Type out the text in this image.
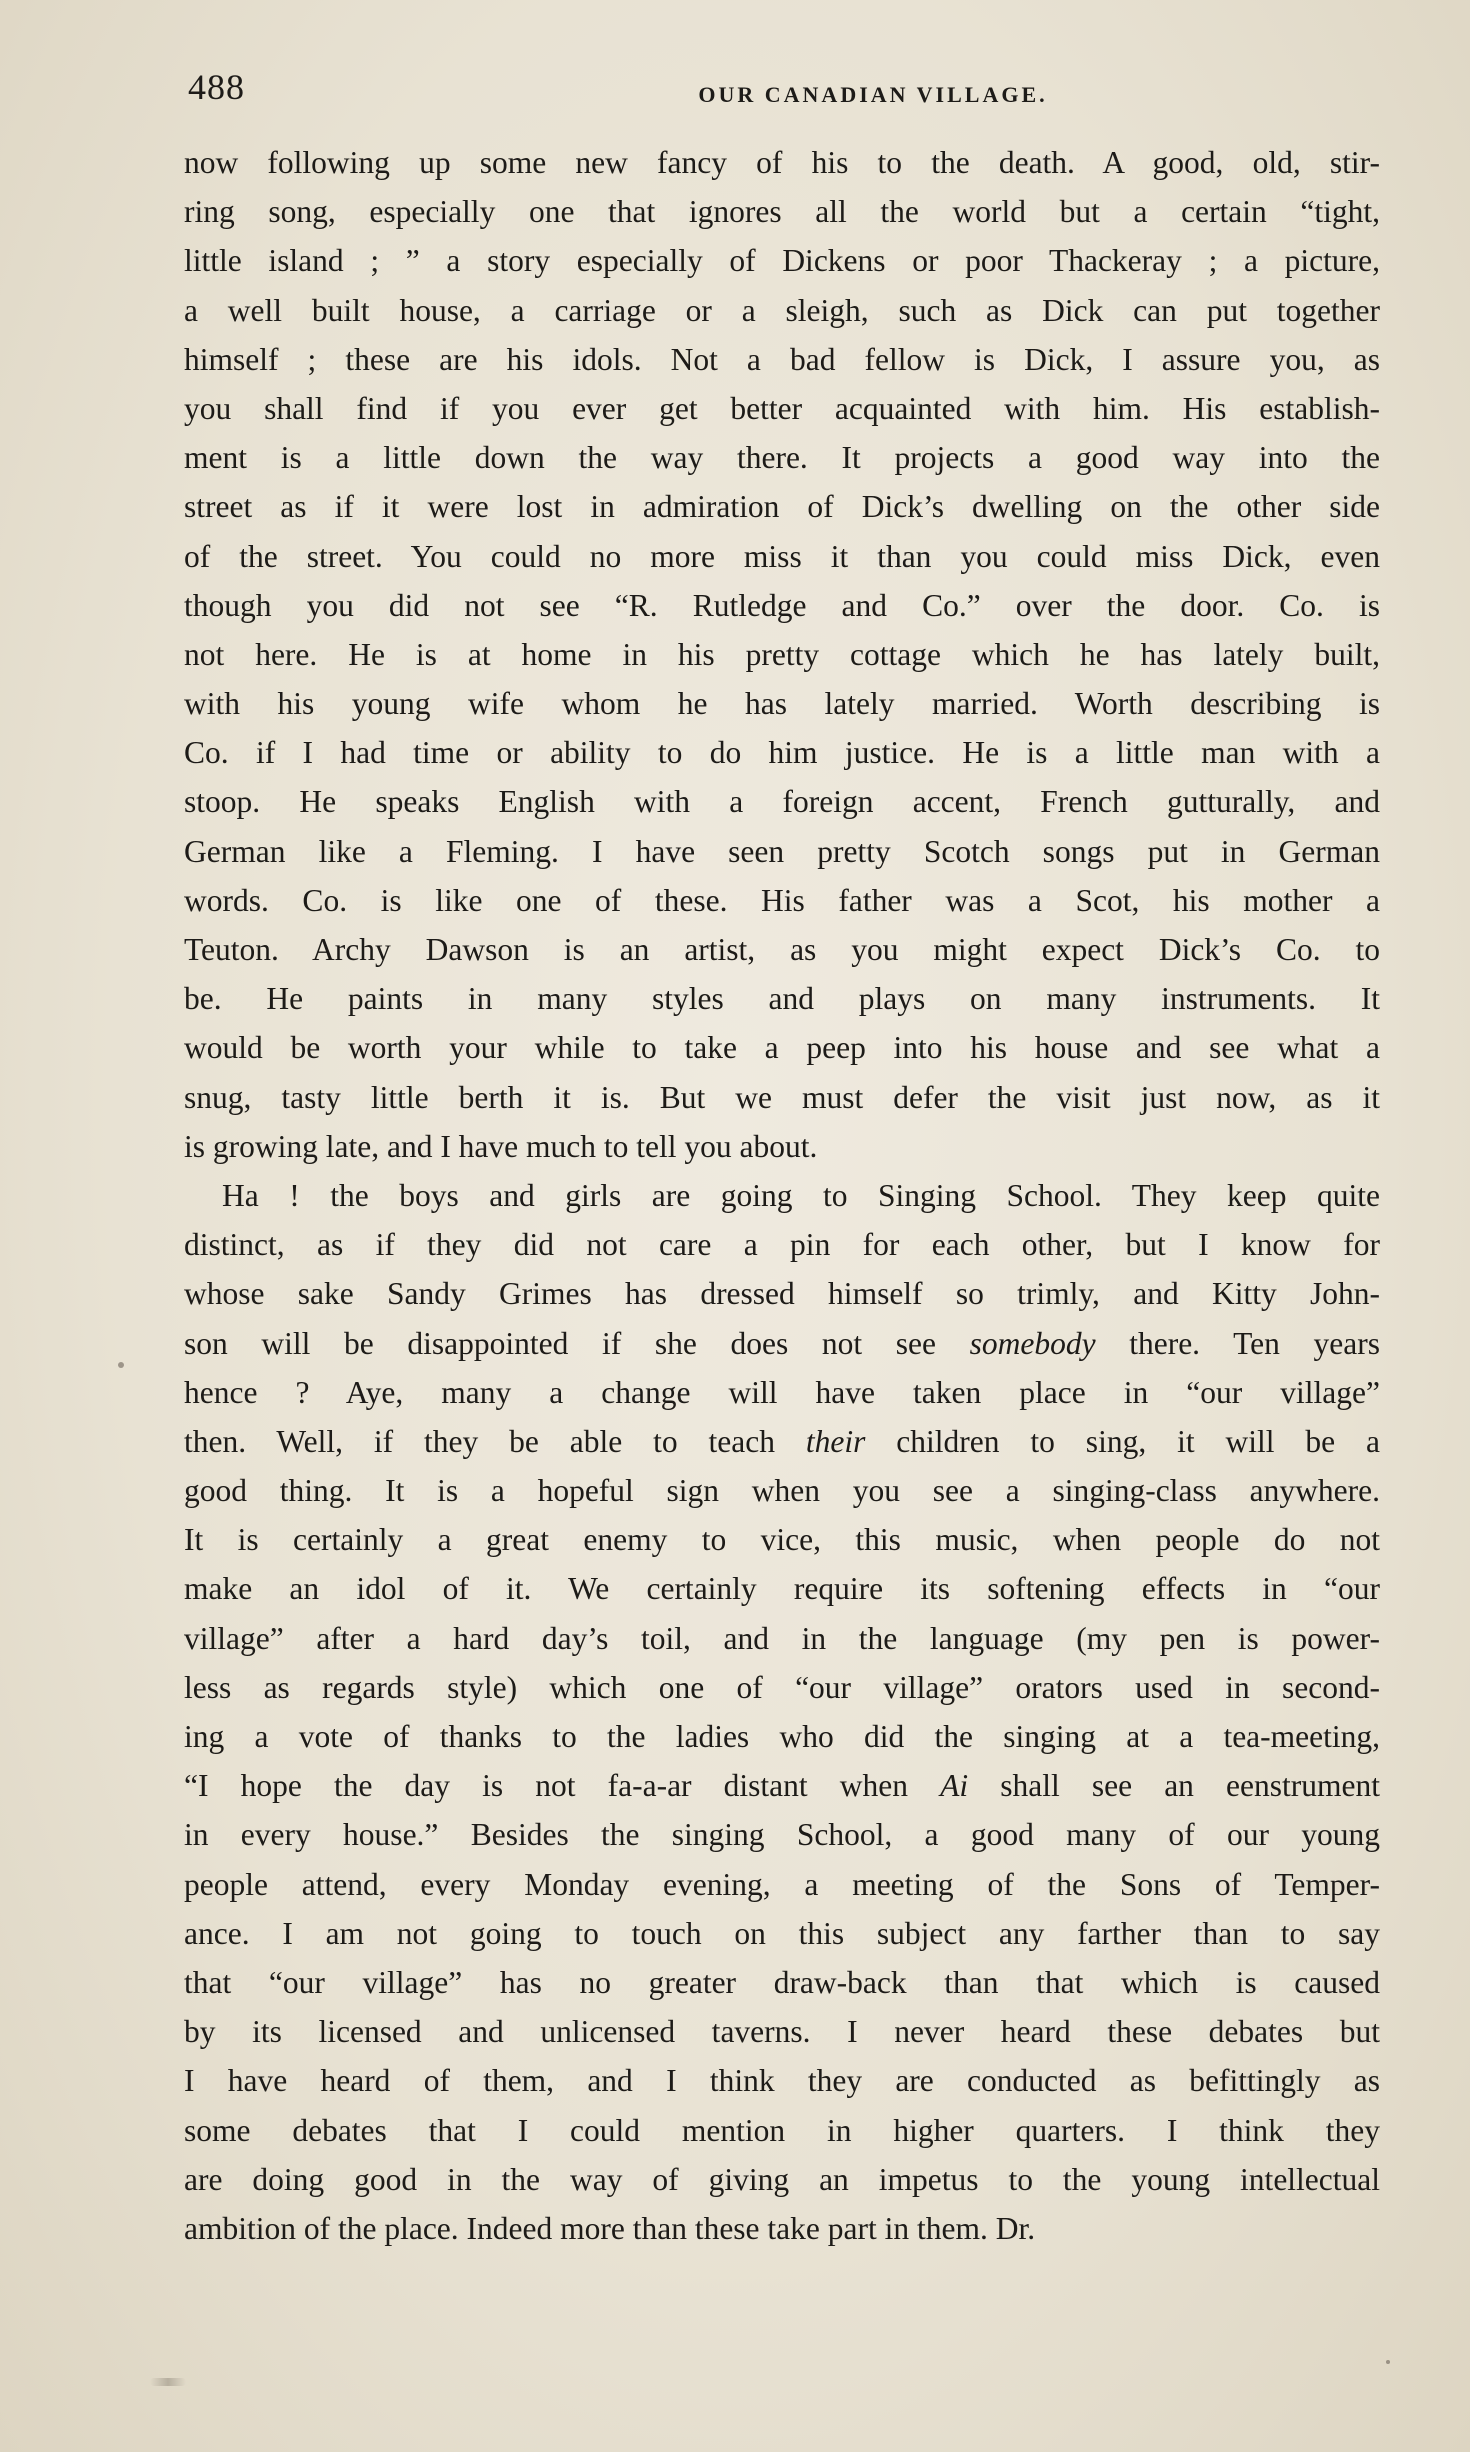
488	OUR CANADIAN VILLAGE.
now following up some new fancy of his to the death. A good, old, stir-
ring song, especially one that ignores all the world but a certain “tight,
little island ; ” a story especially of Dickens or poor Thackeray ; a picture,
a well built house, a carriage or a sleigh, such as Dick can put together
himself ; these are his idols. Not a bad fellow is Dick, I assure you, as
you shall find if you ever get better acquainted with him. His establish-
ment is a little down the way there. It projects a good way into the
street as if it were lost in admiration of Dick’s dwelling on the other side
of the street. You could no more miss it than you could miss Dick, even
though you did not see “R. Rutledge and Co.” over the door. Co. is
not here. He is at home in his pretty cottage which he has lately built,
with his young wife whom he has lately married. Worth describing is
Co. if I had time or ability to do him justice. He is a little man with a
stoop. He speaks English with a foreign accent, French gutturally, and
German like a Fleming. I have seen pretty Scotch songs put in German
words. Co. is like one of these. His father was a Scot, his mother a
Teuton. Archy Dawson is an artist, as you might expect Dick’s Co. to
be. He paints in many styles and plays on many instruments. It
would be worth your while to take a peep into his house and see what a
snug, tasty little berth it is. But we must defer the visit just now, as it
is growing late, and I have much to tell you about.
Ha ! the boys and girls are going to Singing School. They keep quite
distinct, as if they did not care a pin for each other, but I know for
whose sake Sandy Grimes has dressed himself so trimly, and Kitty John-
son will be disappointed if she does not see somebody there. Ten years
hence ? Aye, many a change will have taken place in “our village”
then. Well, if they be able to teach their children to sing, it will be a
good thing. It is a hopeful sign when you see a singing-class anywhere.
It is certainly a great enemy to vice, this music, when people do not
make an idol of it. We certainly require its softening effects in “our
village” after a hard day’s toil, and in the language (my pen is power-
less as regards style) which one of “our village” orators used in second-
ing a vote of thanks to the ladies who did the singing at a tea-meeting,
“I hope the day is not fa-a-ar distant when Ai shall see an eenstrument
in every house.” Besides the singing School, a good many of our young
people attend, every Monday evening, a meeting of the Sons of Temper-
ance. I am not going to touch on this subject any farther than to say
that “our village” has no greater draw-back than that which is caused
by its licensed and unlicensed taverns. I never heard these debates but
I have heard of them, and I think they are conducted as befittingly as
some debates that I could mention in higher quarters. I think they
are doing good in the way of giving an impetus to the young intellectual
ambition of the place. Indeed more than these take part in them. Dr.
